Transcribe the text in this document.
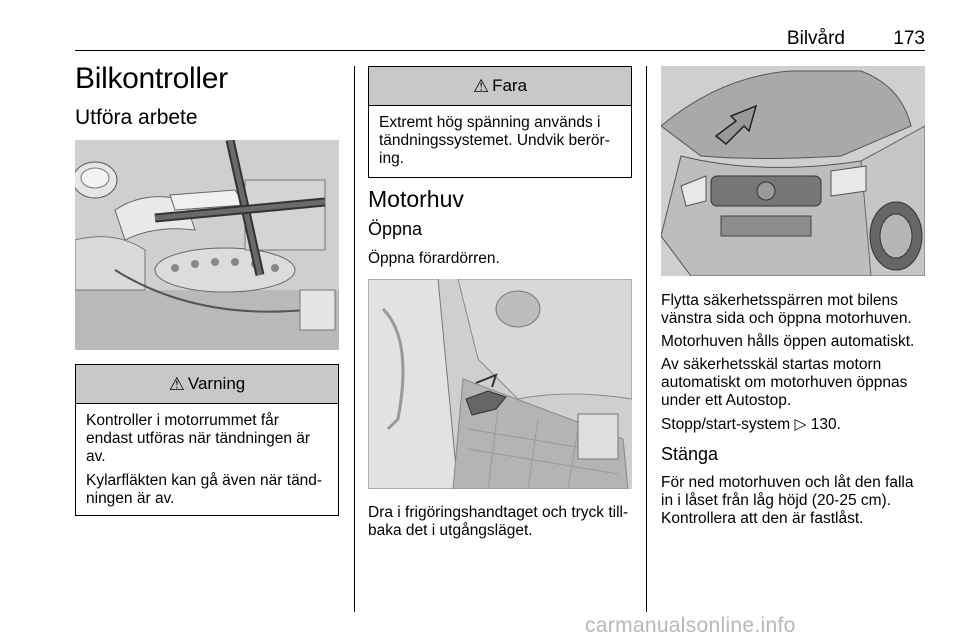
Bilvård	173
Bilkontroller
Utföra arbete
⚠ Varning

Kontroller i motorrummet får endast utföras när tändningen är av.

Kylarfläkten kan gå även när tänd-ningen är av.

⚠ Fara

Extremt hög spänning används i tändningssystemet. Undvik berör-ing.

Motorhuv
Öppna

Öppna förardörren.

Dra i frigöringshandtaget och tryck till-baka det i utgångsläget.

Flytta säkerhetsspärren mot bilens vänstra sida och öppna motorhuven.

Motorhuven hålls öppen automatiskt.

Av säkerhetsskäl startas motorn automatiskt om motorhuven öppnas under ett Autostop.

Stopp/start-system ▷ 130.

Stänga

För ned motorhuven och låt den falla in i låset från låg höjd (20-25 cm). Kontrollera att den är fastlåst.

carmanualsonline.info
